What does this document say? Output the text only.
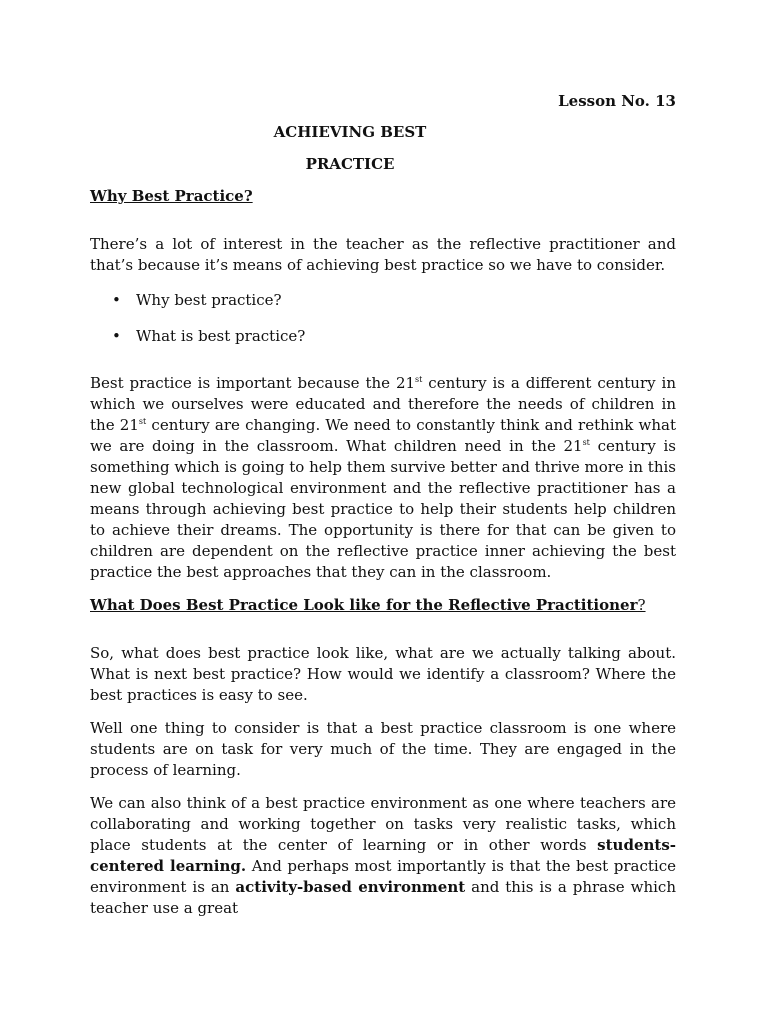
Lesson No. 13
ACHIEVING BEST
PRACTICE
Why Best Practice?

There’s a lot of interest in the teacher as the reflective practitioner and that’s because it’s means of achieving best practice so we have to consider.

• Why best practice?
• What is best practice?

Best practice is important because the 21st century is a different century in which we ourselves were educated and therefore the needs of children in the 21st century are changing. We need to constantly think and rethink what we are doing in the classroom. What children need in the 21st century is something which is going to help them survive better and thrive more in this new global technological environment and the reflective practitioner has a means through achieving best practice to help their students help children to achieve their dreams. The opportunity is there for that can be given to children are dependent on the reflective practice inner achieving the best practice the best approaches that they can in the classroom.

What Does Best Practice Look like for the Reflective Practitioner?

So, what does best practice look like, what are we actually talking about. What is next best practice? How would we identify a classroom? Where the best practices is easy to see.

Well one thing to consider is that a best practice classroom is one where students are on task for very much of the time. They are engaged in the process of learning.

We can also think of a best practice environment as one where teachers are collaborating and working together on tasks very realistic tasks, which place students at the center of learning or in other words students-centered learning. And perhaps most importantly is that the best practice environment is an activity-based environment and this is a phrase which teacher use a great
